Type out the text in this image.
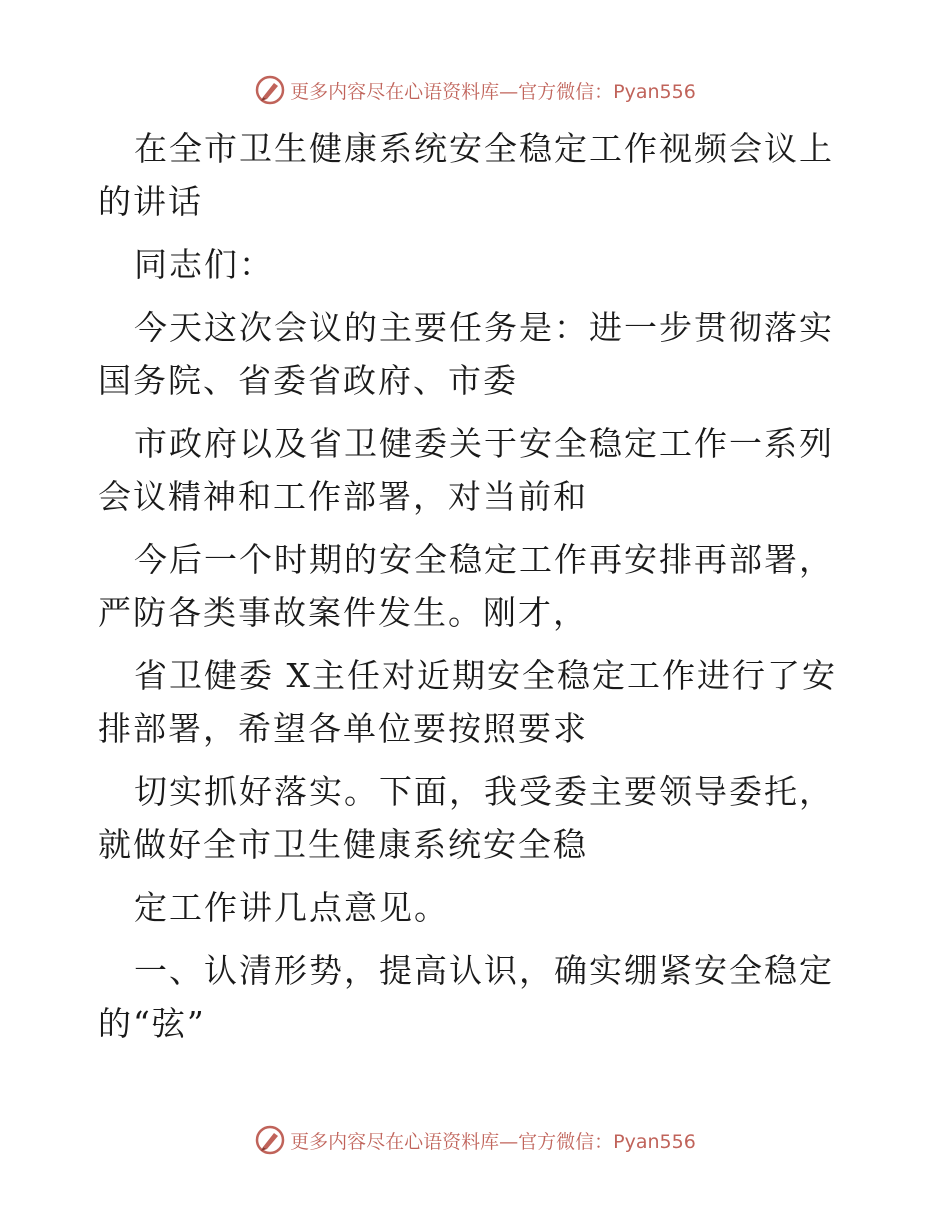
更多内容尽在心语资料库—官方微信：Pyan556

在全市卫生健康系统安全稳定工作视频会议上的讲话

同志们：

今天这次会议的主要任务是：进一步贯彻落实国务院、省委省政府、市委

市政府以及省卫健委关于安全稳定工作一系列会议精神和工作部署，对当前和

今后一个时期的安全稳定工作再安排再部署，严防各类事故案件发生。刚才，

省卫健委 X主任对近期安全稳定工作进行了安排部署，希望各单位要按照要求

切实抓好落实。下面，我受委主要领导委托，就做好全市卫生健康系统安全稳

定工作讲几点意见。

一、认清形势，提高认识，确实绷紧安全稳定的“弦”

更多内容尽在心语资料库—官方微信：Pyan556
